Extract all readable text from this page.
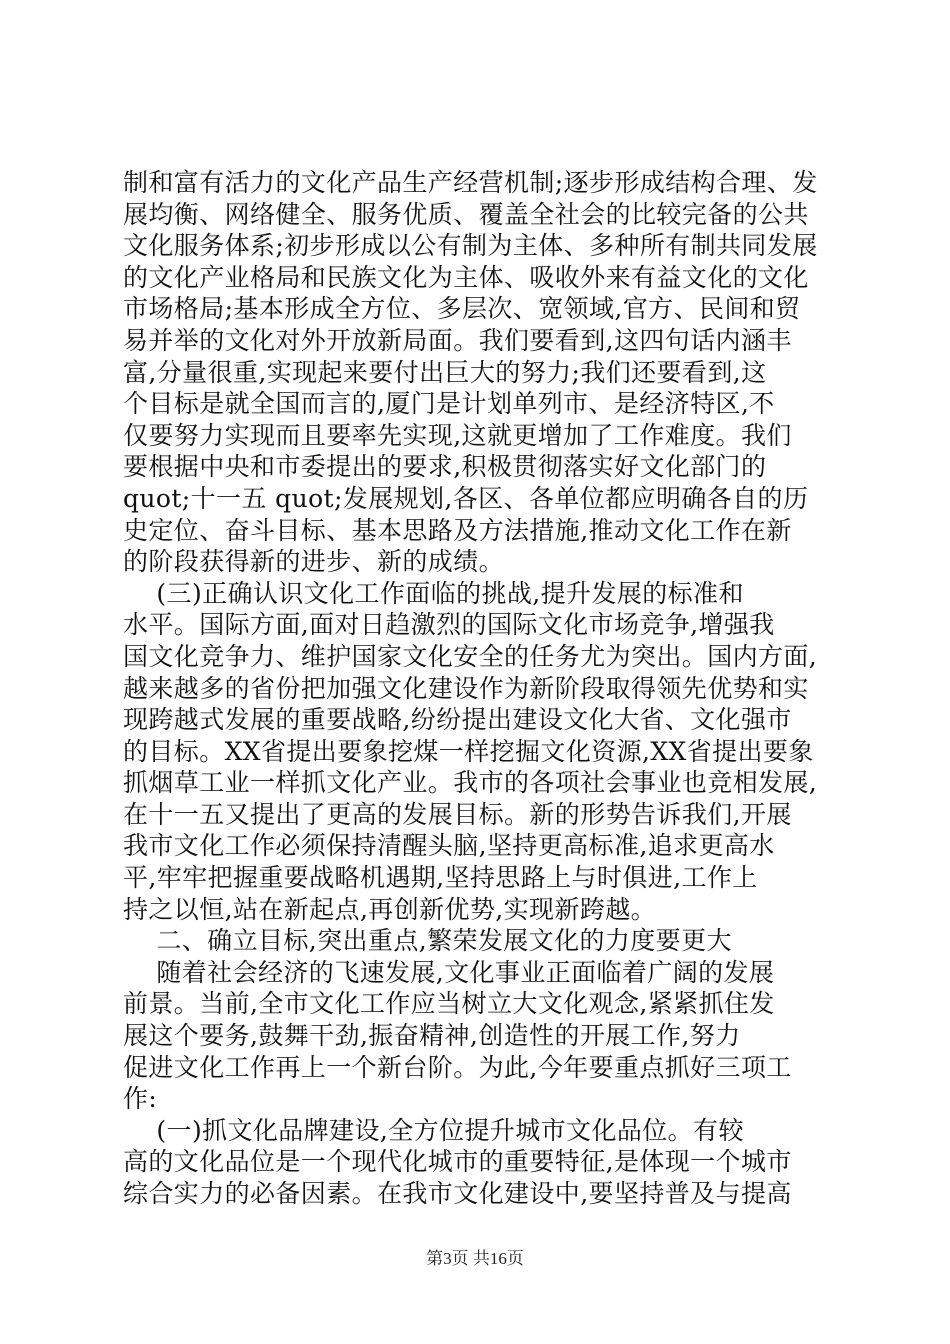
制和富有活力的文化产品生产经营机制;逐步形成结构合理、发
展均衡、网络健全、服务优质、覆盖全社会的比较完备的公共
文化服务体系;初步形成以公有制为主体、多种所有制共同发展
的文化产业格局和民族文化为主体、吸收外来有益文化的文化
市场格局;基本形成全方位、多层次、宽领域,官方、民间和贸
易并举的文化对外开放新局面。我们要看到,这四句话内涵丰
富,分量很重,实现起来要付出巨大的努力;我们还要看到,这
个目标是就全国而言的,厦门是计划单列市、是经济特区,不
仅要努力实现而且要率先实现,这就更增加了工作难度。我们
要根据中央和市委提出的要求,积极贯彻落实好文化部门的
quot;十一五 quot;发展规划,各区、各单位都应明确各自的历
史定位、奋斗目标、基本思路及方法措施,推动文化工作在新
的阶段获得新的进步、新的成绩。
(三)正确认识文化工作面临的挑战,提升发展的标准和
水平。国际方面,面对日趋激烈的国际文化市场竞争,增强我
国文化竞争力、维护国家文化安全的任务尤为突出。国内方面,
越来越多的省份把加强文化建设作为新阶段取得领先优势和实
现跨越式发展的重要战略,纷纷提出建设文化大省、文化强市
的目标。XX省提出要象挖煤一样挖掘文化资源,XX省提出要象
抓烟草工业一样抓文化产业。我市的各项社会事业也竞相发展,
在十一五又提出了更高的发展目标。新的形势告诉我们,开展
我市文化工作必须保持清醒头脑,坚持更高标准,追求更高水
平,牢牢把握重要战略机遇期,坚持思路上与时俱进,工作上
持之以恒,站在新起点,再创新优势,实现新跨越。
二、确立目标,突出重点,繁荣发展文化的力度要更大
随着社会经济的飞速发展,文化事业正面临着广阔的发展
前景。当前,全市文化工作应当树立大文化观念,紧紧抓住发
展这个要务,鼓舞干劲,振奋精神,创造性的开展工作,努力
促进文化工作再上一个新台阶。为此,今年要重点抓好三项工
作:
(一)抓文化品牌建设,全方位提升城市文化品位。有较
高的文化品位是一个现代化城市的重要特征,是体现一个城市
综合实力的必备因素。在我市文化建设中,要坚持普及与提高
第3页 共16页
